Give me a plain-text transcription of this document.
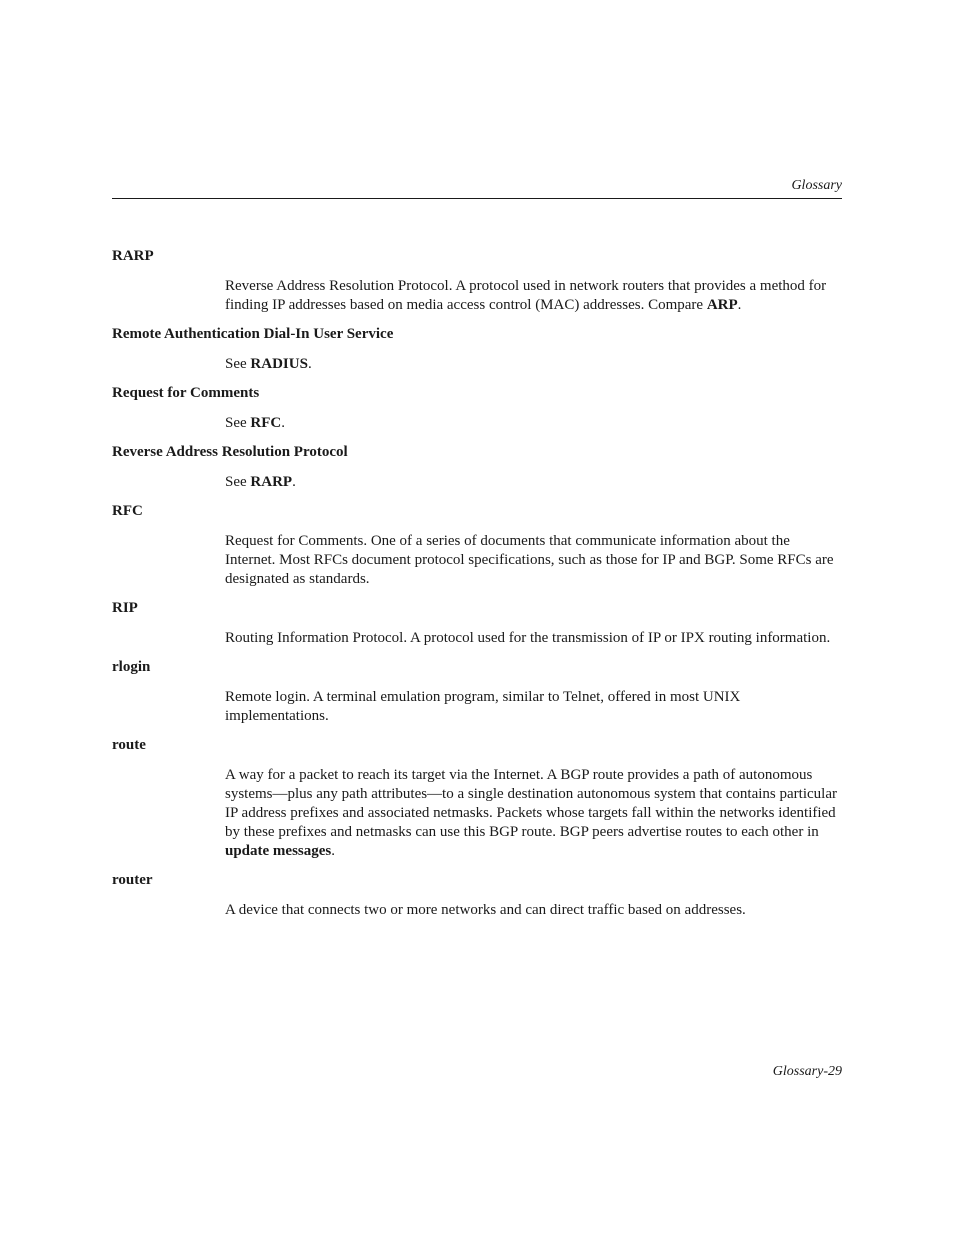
Glossary

RARP

Reverse Address Resolution Protocol. A protocol used in network routers that provides a method for finding IP addresses based on media access control (MAC) addresses. Compare ARP.

Remote Authentication Dial-In User Service

See RADIUS.

Request for Comments

See RFC.

Reverse Address Resolution Protocol

See RARP.

RFC

Request for Comments. One of a series of documents that communicate information about the Internet. Most RFCs document protocol specifications, such as those for IP and BGP. Some RFCs are designated as standards.

RIP

Routing Information Protocol. A protocol used for the transmission of IP or IPX routing information.

rlogin

Remote login. A terminal emulation program, similar to Telnet, offered in most UNIX implementations.

route

A way for a packet to reach its target via the Internet. A BGP route provides a path of autonomous systems—plus any path attributes—to a single destination autonomous system that contains particular IP address prefixes and associated netmasks. Packets whose targets fall within the networks identified by these prefixes and netmasks can use this BGP route. BGP peers advertise routes to each other in update messages.

router

A device that connects two or more networks and can direct traffic based on addresses.

Glossary-29
